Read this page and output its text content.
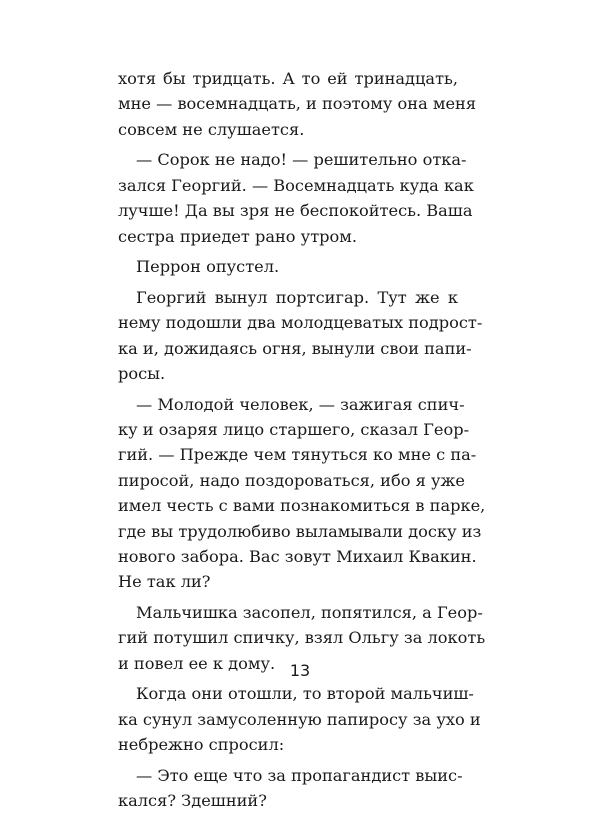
хотя бы тридцать. А то ей тринадцать,
мне — восемнадцать, и поэтому она меня
совсем не слушается.
— Сорок не надо! — решительно отка-
зался Георгий. — Восемнадцать куда как
лучше! Да вы зря не беспокойтесь. Ваша
сестра приедет рано утром.
Перрон опустел.
Георгий вынул портсигар. Тут же к
нему подошли два молодцеватых подрост-
ка и, дожидаясь огня, вынули свои папи-
росы.
— Молодой человек, — зажигая спич-
ку и озаряя лицо старшего, сказал Геор-
гий. — Прежде чем тянуться ко мне с па-
пиросой, надо поздороваться, ибо я уже
имел честь с вами познакомиться в парке,
где вы трудолюбиво выламывали доску из
нового забора. Вас зовут Михаил Квакин.
Не так ли?
Мальчишка засопел, попятился, а Геор-
гий потушил спичку, взял Ольгу за локоть
и повел ее к дому.
Когда они отошли, то второй мальчиш-
ка сунул замусоленную папиросу за ухо и
небрежно спросил:
— Это еще что за пропагандист выис-
кался? Здешний?
13
